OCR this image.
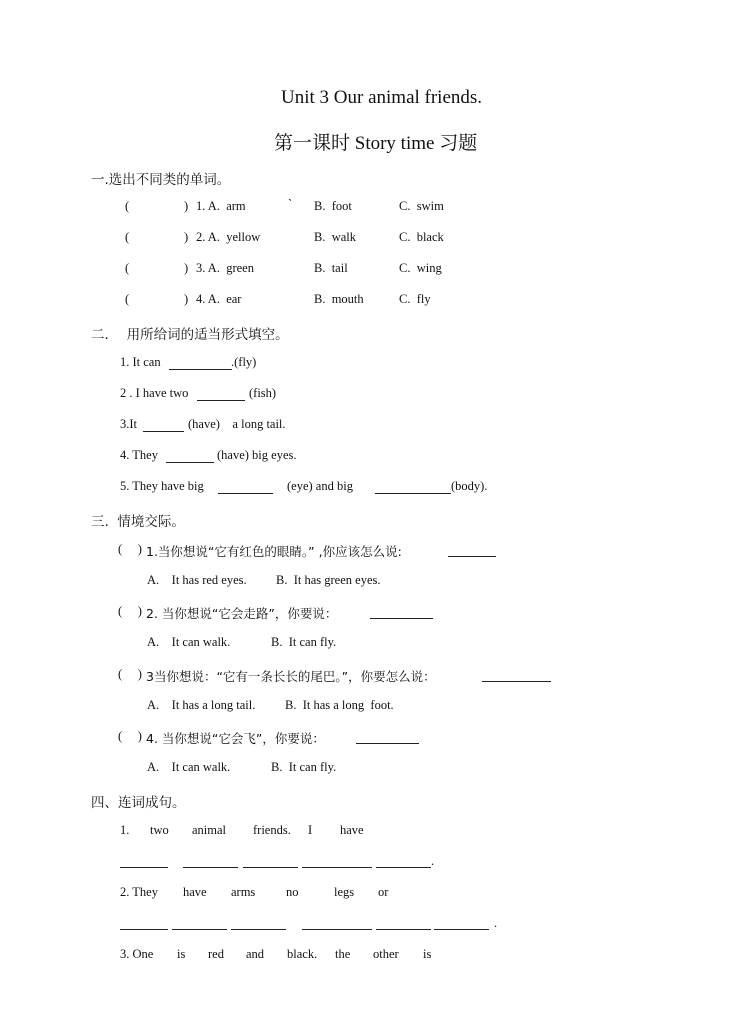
Unit 3 Our animal friends.
第一课时 Story time 习题
一.选出不同类的单词。
(	) 1. A.  arm	` B.  foot	C.  swim
(	) 2. A.  yellow	B.  walk	C.  black
(	) 3. A.  green	B.  tail	C.  wing
(	) 4. A.  ear	B.  mouth	C.  fly
二．  用所给词的适当形式填空。
1. It can	.(fly)
2 . I have two	(fish)
3.It	(have)    a long tail.
4. They	(have) big eyes.
5. They have big	(eye) and big	(body).
三.  情境交际。
(     ) 1.当你想说“它有红色的眼睛。” ,你应该怎么说:
A.    It has red eyes. B.  It has green eyes.
(     ) 2. 当你想说“它会走路”，你要说：
A.    It can walk.	B.  It can fly.
(     ) 3当你想说：“它有一条长长的尾巴。”，你要怎么说：
A.    It has a long tail. B.  It has a long  foot.
(     ) 4. 当你想说“它会飞”，你要说：
A.    It can walk.	B.  It can fly.
四、连词成句。
1. two animal friends. I have
.
2. They have arms no	legs or
.
3. One is red and black. the other is
